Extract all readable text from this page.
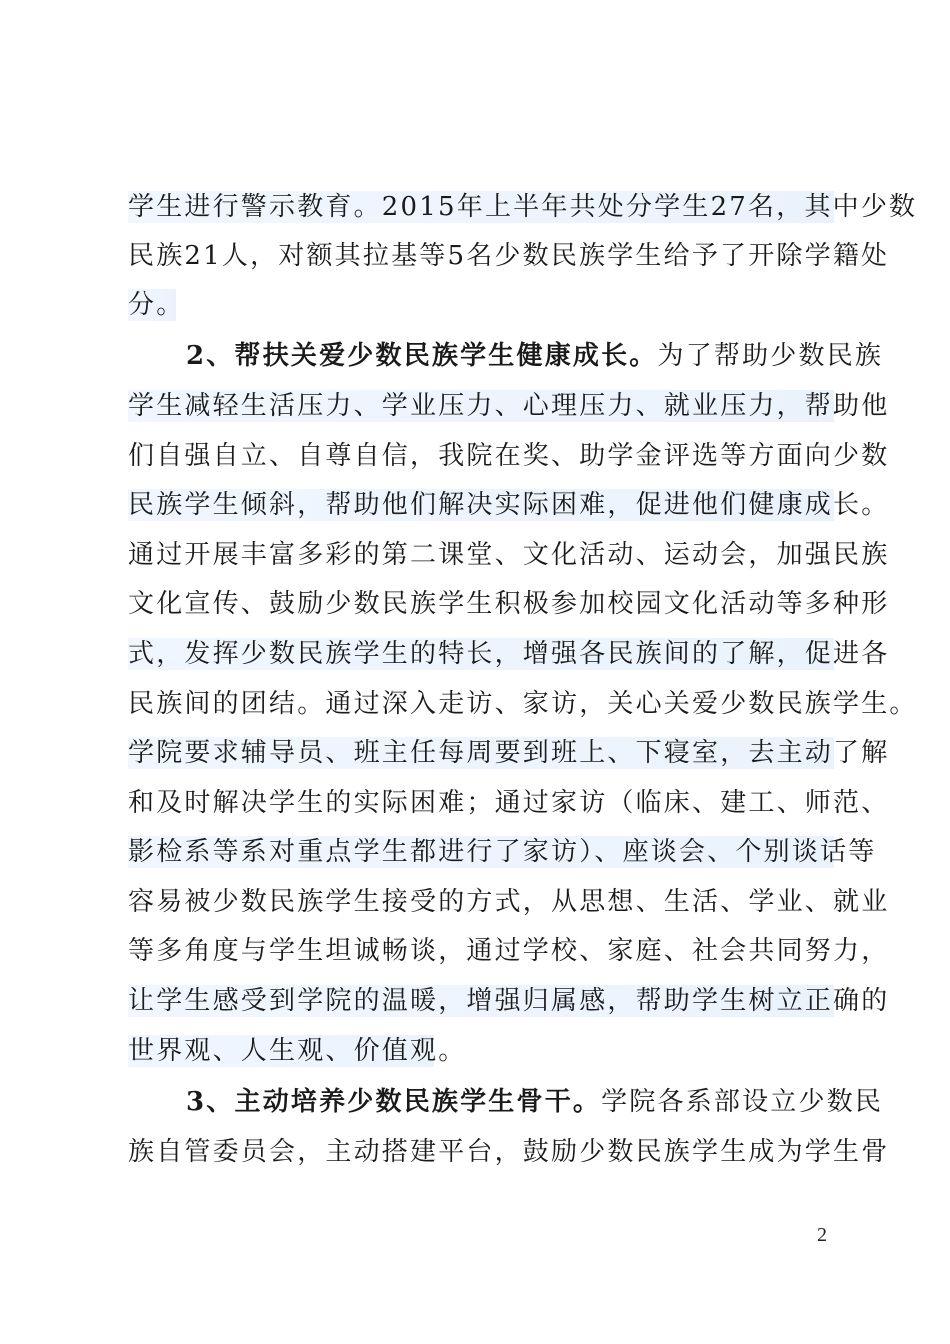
学生进行警示教育。2015年上半年共处分学生27名，其中少数
民族21人，对额其拉基等5名少数民族学生给予了开除学籍处
分。
2、帮扶关爱少数民族学生健康成长。为了帮助少数民族
学生减轻生活压力、学业压力、心理压力、就业压力，帮助他
们自强自立、自尊自信，我院在奖、助学金评选等方面向少数
民族学生倾斜，帮助他们解决实际困难，促进他们健康成长。
通过开展丰富多彩的第二课堂、文化活动、运动会，加强民族
文化宣传、鼓励少数民族学生积极参加校园文化活动等多种形
式，发挥少数民族学生的特长，增强各民族间的了解，促进各
民族间的团结。通过深入走访、家访，关心关爱少数民族学生。
学院要求辅导员、班主任每周要到班上、下寝室，去主动了解
和及时解决学生的实际困难；通过家访（临床、建工、师范、
影检系等系对重点学生都进行了家访）、座谈会、个别谈话等
容易被少数民族学生接受的方式，从思想、生活、学业、就业
等多角度与学生坦诚畅谈，通过学校、家庭、社会共同努力，
让学生感受到学院的温暖，增强归属感，帮助学生树立正确的
世界观、人生观、价值观。
3、主动培养少数民族学生骨干。学院各系部设立少数民
族自管委员会，主动搭建平台，鼓励少数民族学生成为学生骨
2
